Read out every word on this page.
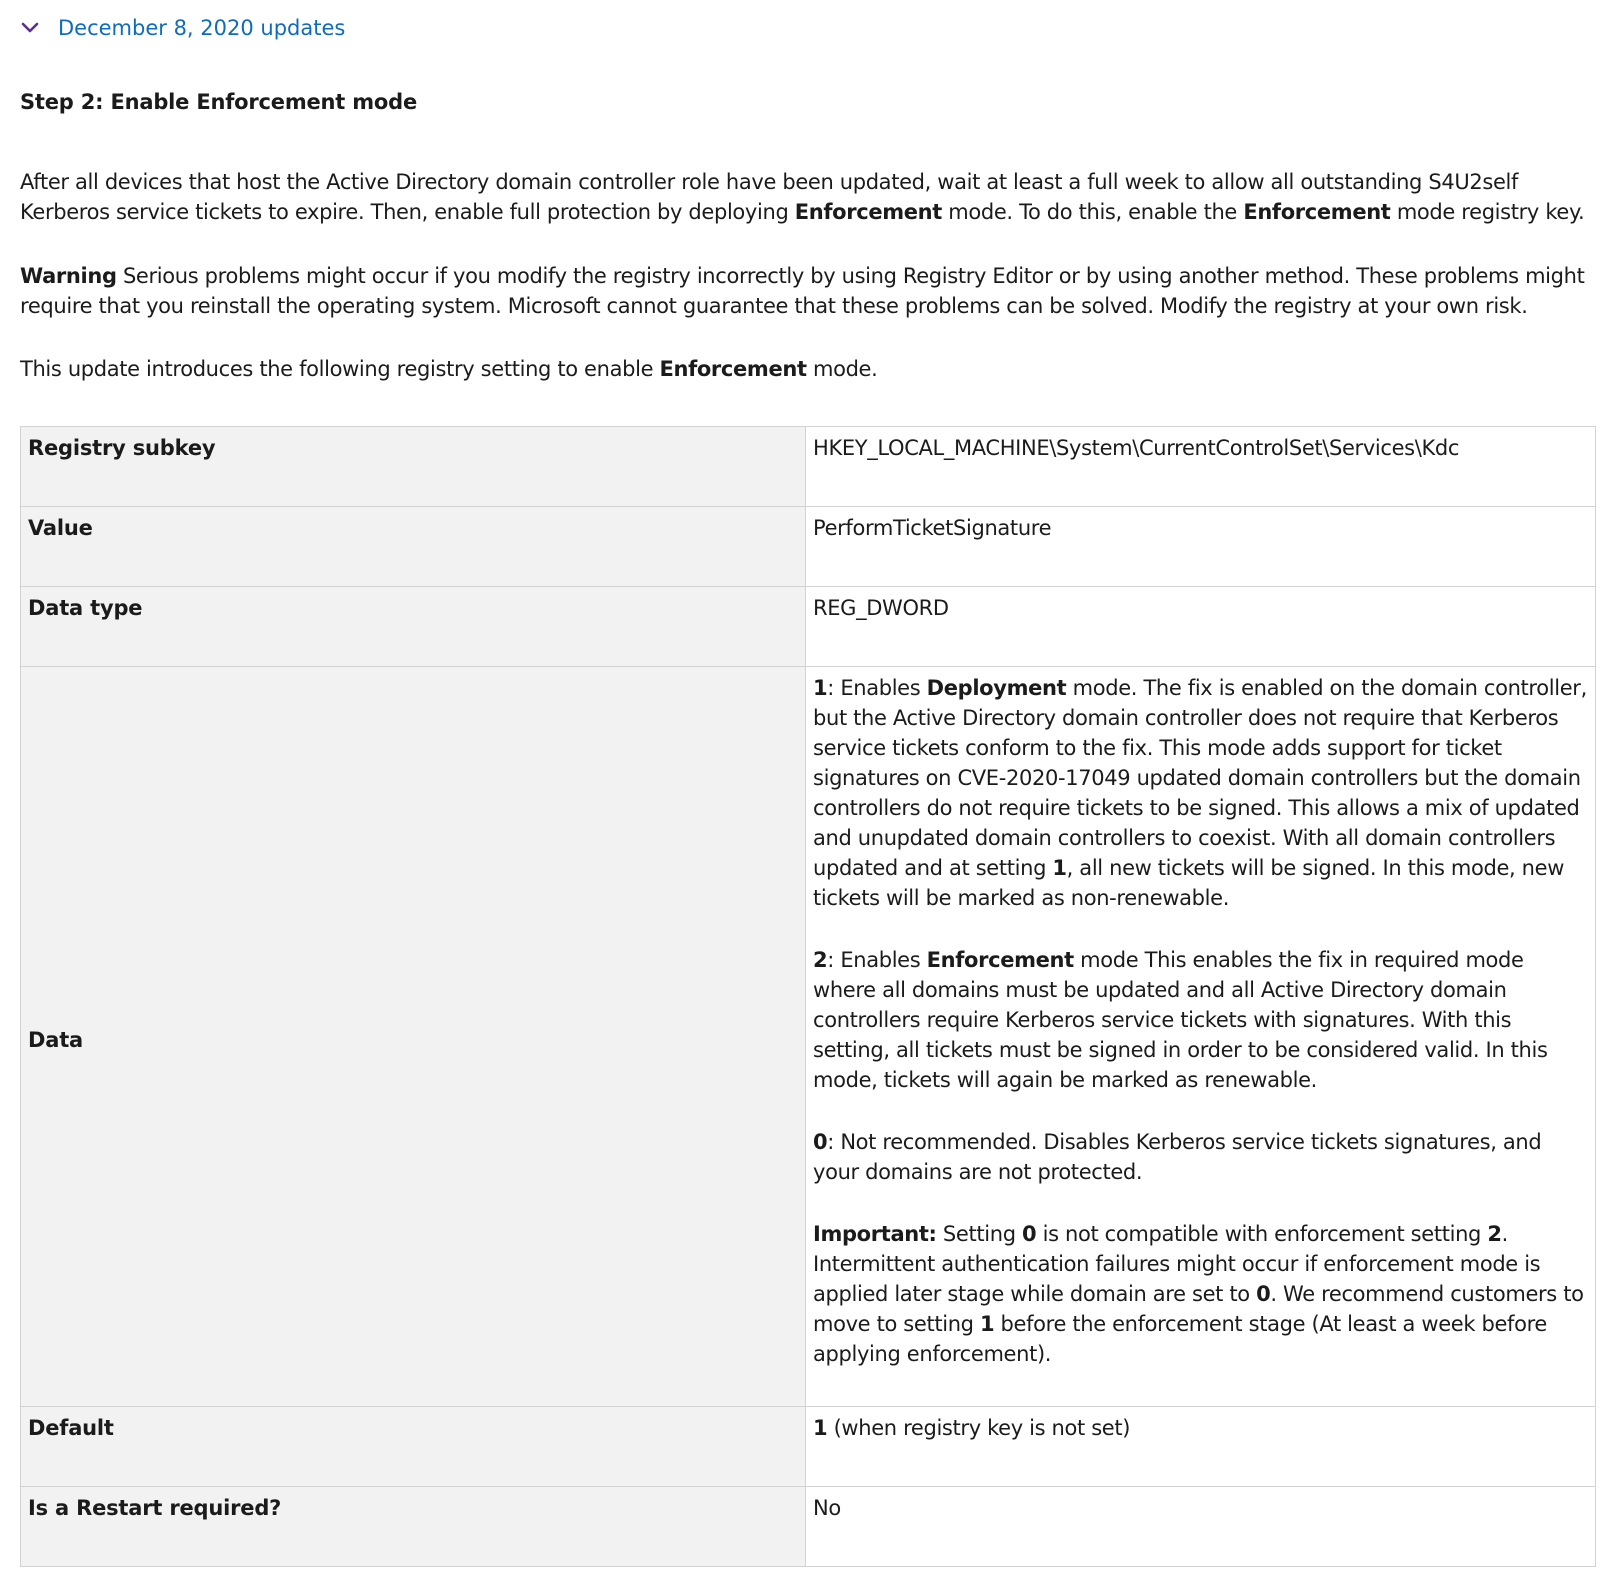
December 8, 2020 updates
Step 2: Enable Enforcement mode

After all devices that host the Active Directory domain controller role have been updated, wait at least a full week to allow all outstanding S4U2self Kerberos service tickets to expire. Then, enable full protection by deploying Enforcement mode. To do this, enable the Enforcement mode registry key.

Warning Serious problems might occur if you modify the registry incorrectly by using Registry Editor or by using another method. These problems might require that you reinstall the operating system. Microsoft cannot guarantee that these problems can be solved. Modify the registry at your own risk.

This update introduces the following registry setting to enable Enforcement mode.

Registry subkey	HKEY_LOCAL_MACHINE\System\CurrentControlSet\Services\Kdc
Value	PerformTicketSignature
Data type	REG_DWORD
Data	1: Enables Deployment mode. The fix is enabled on the domain controller, but the Active Directory domain controller does not require that Kerberos service tickets conform to the fix. This mode adds support for ticket signatures on CVE-2020-17049 updated domain controllers but the domain controllers do not require tickets to be signed. This allows a mix of updated and unupdated domain controllers to coexist. With all domain controllers updated and at setting 1, all new tickets will be signed. In this mode, new tickets will be marked as non-renewable.

2: Enables Enforcement mode This enables the fix in required mode where all domains must be updated and all Active Directory domain controllers require Kerberos service tickets with signatures. With this setting, all tickets must be signed in order to be considered valid. In this mode, tickets will again be marked as renewable.

0: Not recommended. Disables Kerberos service tickets signatures, and your domains are not protected.

Important: Setting 0 is not compatible with enforcement setting 2. Intermittent authentication failures might occur if enforcement mode is applied later stage while domain are set to 0. We recommend customers to move to setting 1 before the enforcement stage (At least a week before applying enforcement).

Default	1 (when registry key is not set)
Is a Restart required?	No
